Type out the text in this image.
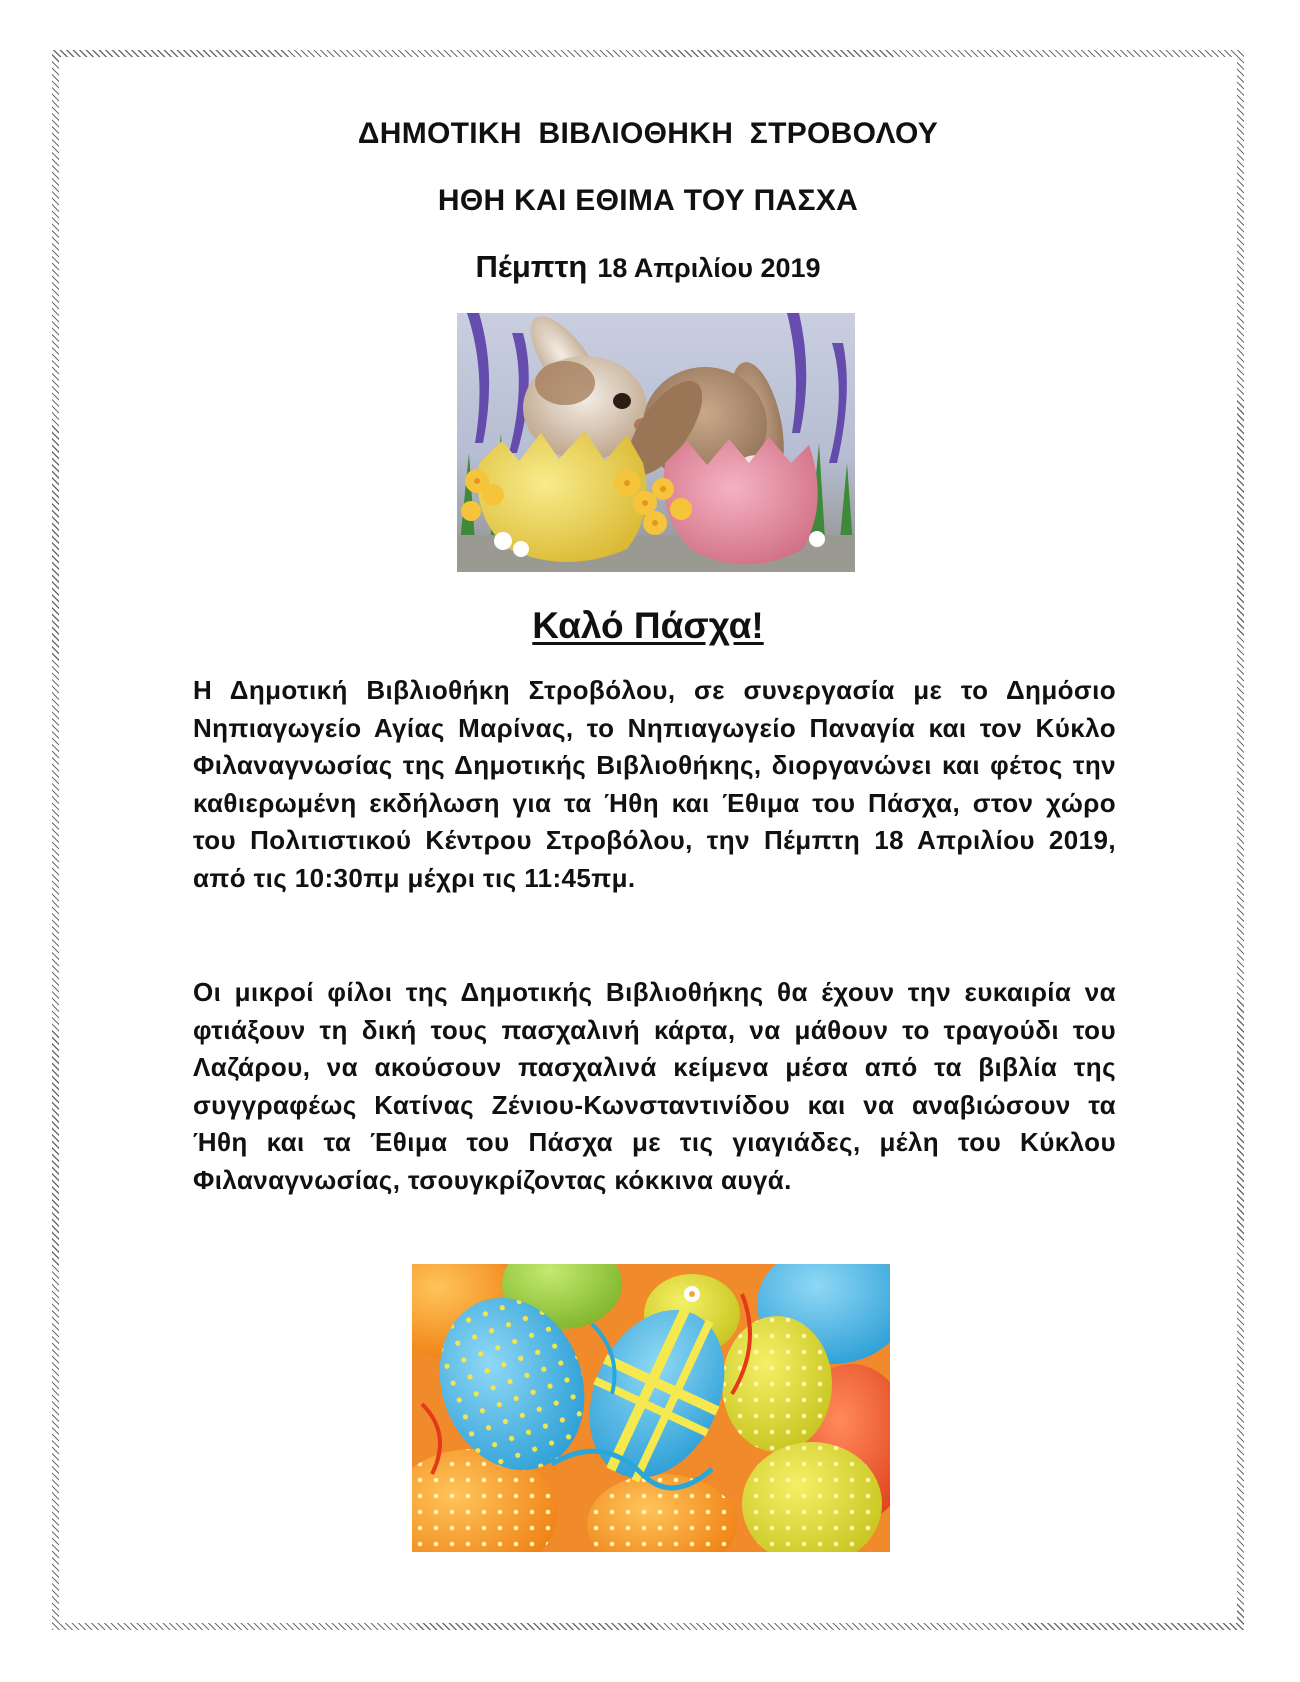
ΔΗΜΟΤΙΚΗ ΒΙΒΛΙΟΘΗΚΗ ΣΤΡΟΒΟΛΟΥ
ΗΘΗ ΚΑΙ ΕΘΙΜΑ ΤΟΥ ΠΑΣΧΑ
Πέμπτη 18 Απριλίου 2019
Καλό Πάσχα!

Η Δημοτική Βιβλιοθήκη Στροβόλου, σε συνεργασία με το Δημόσιο Νηπιαγωγείο Αγίας Μαρίνας, το Νηπιαγωγείο Παναγία και τον Κύκλο Φιλαναγνωσίας της Δημοτικής Βιβλιοθήκης, διοργανώνει και φέτος την καθιερωμένη εκδήλωση για τα Ήθη και Έθιμα του Πάσχα, στον χώρο του Πολιτιστικού Κέντρου Στροβόλου, την Πέμπτη 18 Απριλίου 2019, από τις 10:30πμ μέχρι τις 11:45πμ.

Οι μικροί φίλοι της Δημοτικής Βιβλιοθήκης θα έχουν την ευκαιρία να φτιάξουν τη δική τους πασχαλινή κάρτα, να μάθουν το τραγούδι του Λαζάρου, να ακούσουν πασχαλινά κείμενα μέσα από τα βιβλία της συγγραφέως Κατίνας Ζένιου-Κωνσταντινίδου και να αναβιώσουν τα Ήθη και τα Έθιμα του Πάσχα με τις γιαγιάδες, μέλη του Κύκλου Φιλαναγνωσίας, τσουγκρίζοντας κόκκινα αυγά.
